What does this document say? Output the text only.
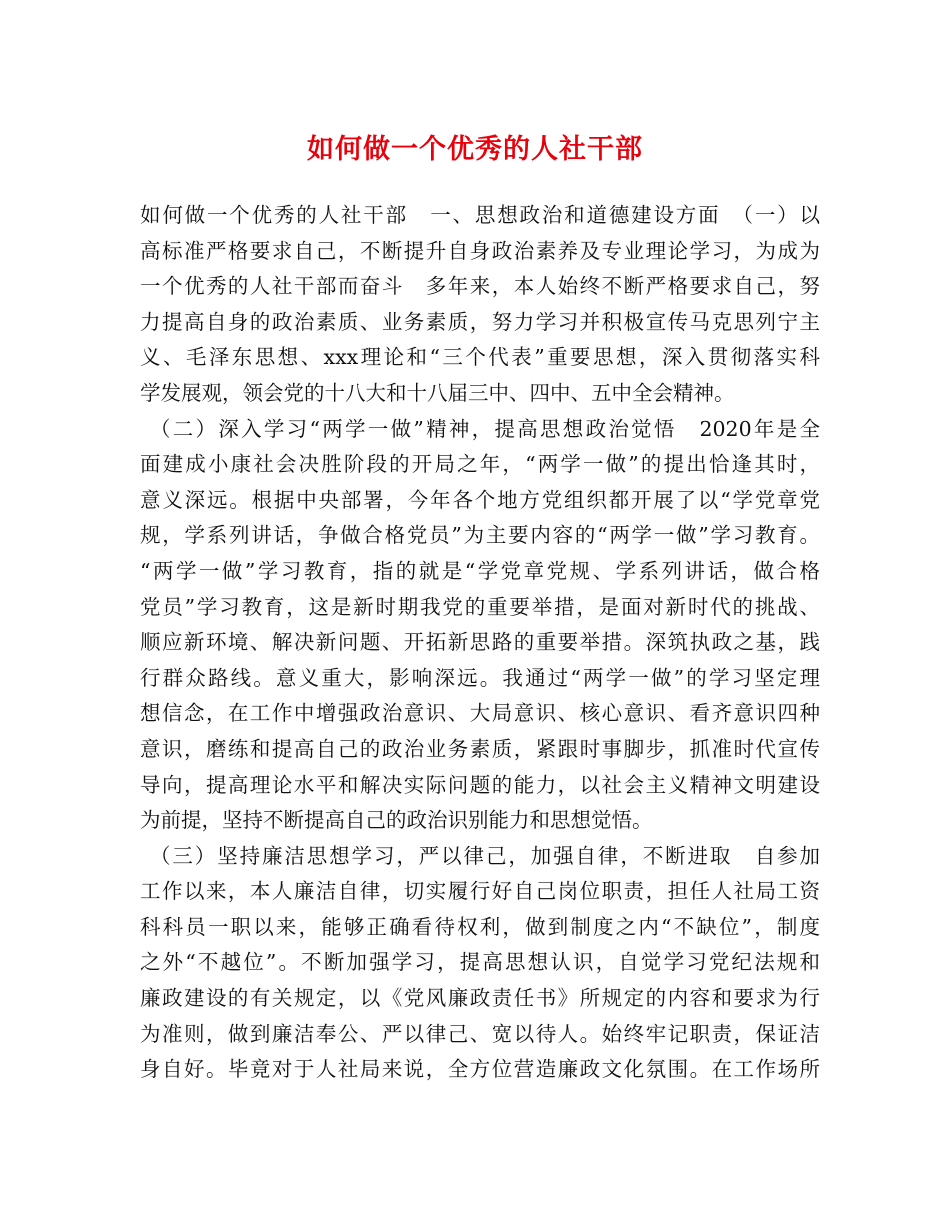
如何做一个优秀的人社干部
如何做一个优秀的人社干部　一、思想政治和道德建设方面　（一）以
高标准严格要求自己，不断提升自身政治素养及专业理论学习，为成为
一个优秀的人社干部而奋斗　多年来，本人始终不断严格要求自己，努
力提高自身的政治素质、业务素质，努力学习并积极宣传马克思列宁主
义、毛泽东思想、xxx理论和“三个代表”重要思想，深入贯彻落实科
学发展观，领会党的十八大和十八届三中、四中、五中全会精神。
（二）深入学习“两学一做”精神，提高思想政治觉悟　2020年是全
面建成小康社会决胜阶段的开局之年，“两学一做”的提出恰逢其时，
意义深远。根据中央部署，今年各个地方党组织都开展了以“学党章党
规，学系列讲话，争做合格党员”为主要内容的“两学一做”学习教育。
“两学一做”学习教育，指的就是“学党章党规、学系列讲话，做合格
党员”学习教育，这是新时期我党的重要举措，是面对新时代的挑战、
顺应新环境、解决新问题、开拓新思路的重要举措。深筑执政之基，践
行群众路线。意义重大，影响深远。我通过“两学一做”的学习坚定理
想信念，在工作中增强政治意识、大局意识、核心意识、看齐意识四种
意识，磨练和提高自己的政治业务素质，紧跟时事脚步，抓准时代宣传
导向，提高理论水平和解决实际问题的能力，以社会主义精神文明建设
为前提，坚持不断提高自己的政治识别能力和思想觉悟。
（三）坚持廉洁思想学习，严以律己，加强自律，不断进取　自参加
工作以来，本人廉洁自律，切实履行好自己岗位职责，担任人社局工资
科科员一职以来，能够正确看待权利，做到制度之内“不缺位”，制度
之外“不越位”。不断加强学习，提高思想认识，自觉学习党纪法规和
廉政建设的有关规定，以《党风廉政责任书》所规定的内容和要求为行
为准则，做到廉洁奉公、严以律己、宽以待人。始终牢记职责，保证洁
身自好。毕竟对于人社局来说，全方位营造廉政文化氛围。在工作场所
